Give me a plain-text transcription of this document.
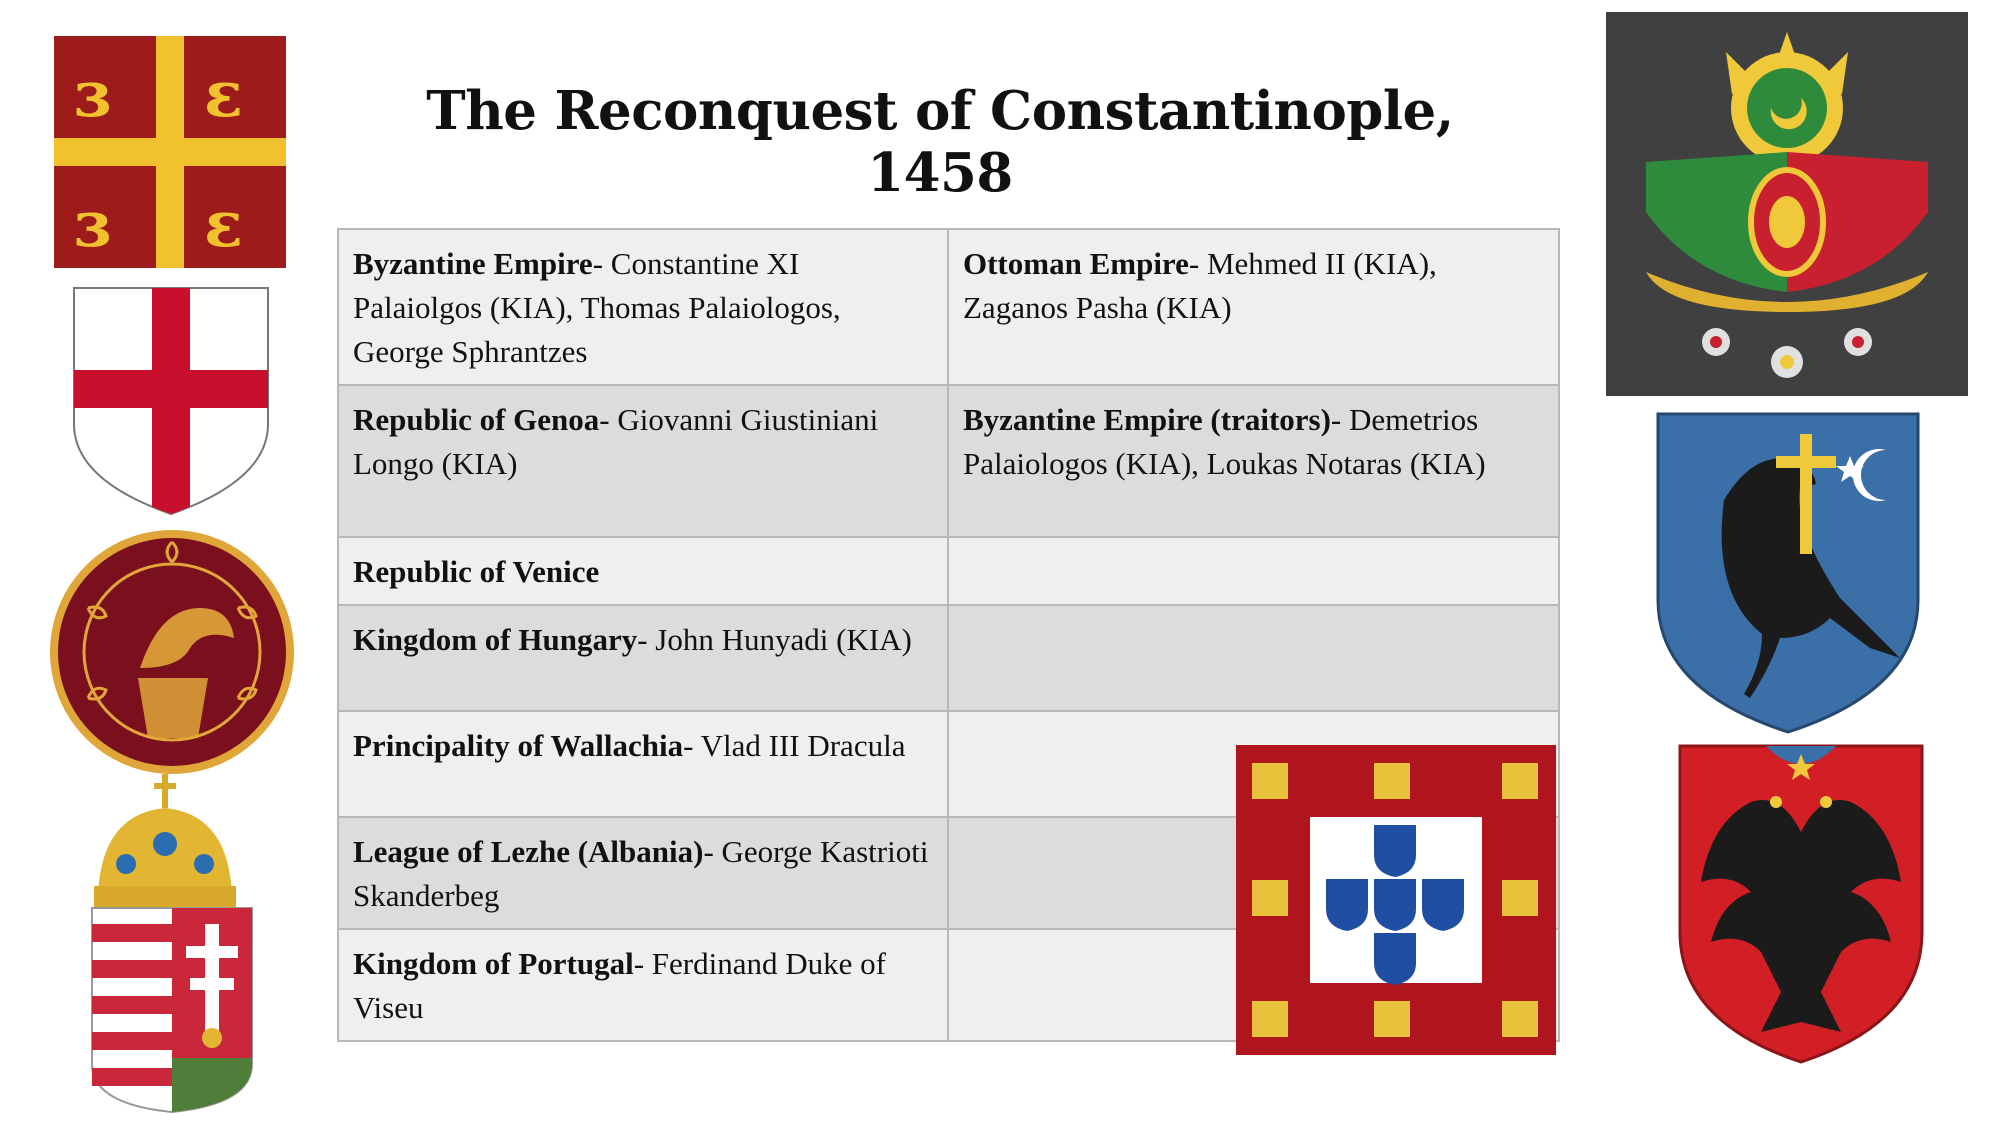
The Reconquest of Constantinople, 1458
Byzantine Empire- Constantine XI Palaiolgos (KIA), Thomas Palaiologos, George Sphrantzes	Ottoman Empire- Mehmed II (KIA), Zaganos Pasha (KIA)
Republic of Genoa- Giovanni Giustiniani Longo (KIA)	Byzantine Empire (traitors)- Demetrios Palaiologos (KIA), Loukas Notaras (KIA)
Republic of Venice	
Kingdom of Hungary- John Hunyadi (KIA)	
Principality of Wallachia- Vlad III Dracula	
League of Lezhe (Albania)- George Kastrioti Skanderbeg	
Kingdom of Portugal- Ferdinand Duke of Viseu	
ɜ ɛ
ɜ ɛ
